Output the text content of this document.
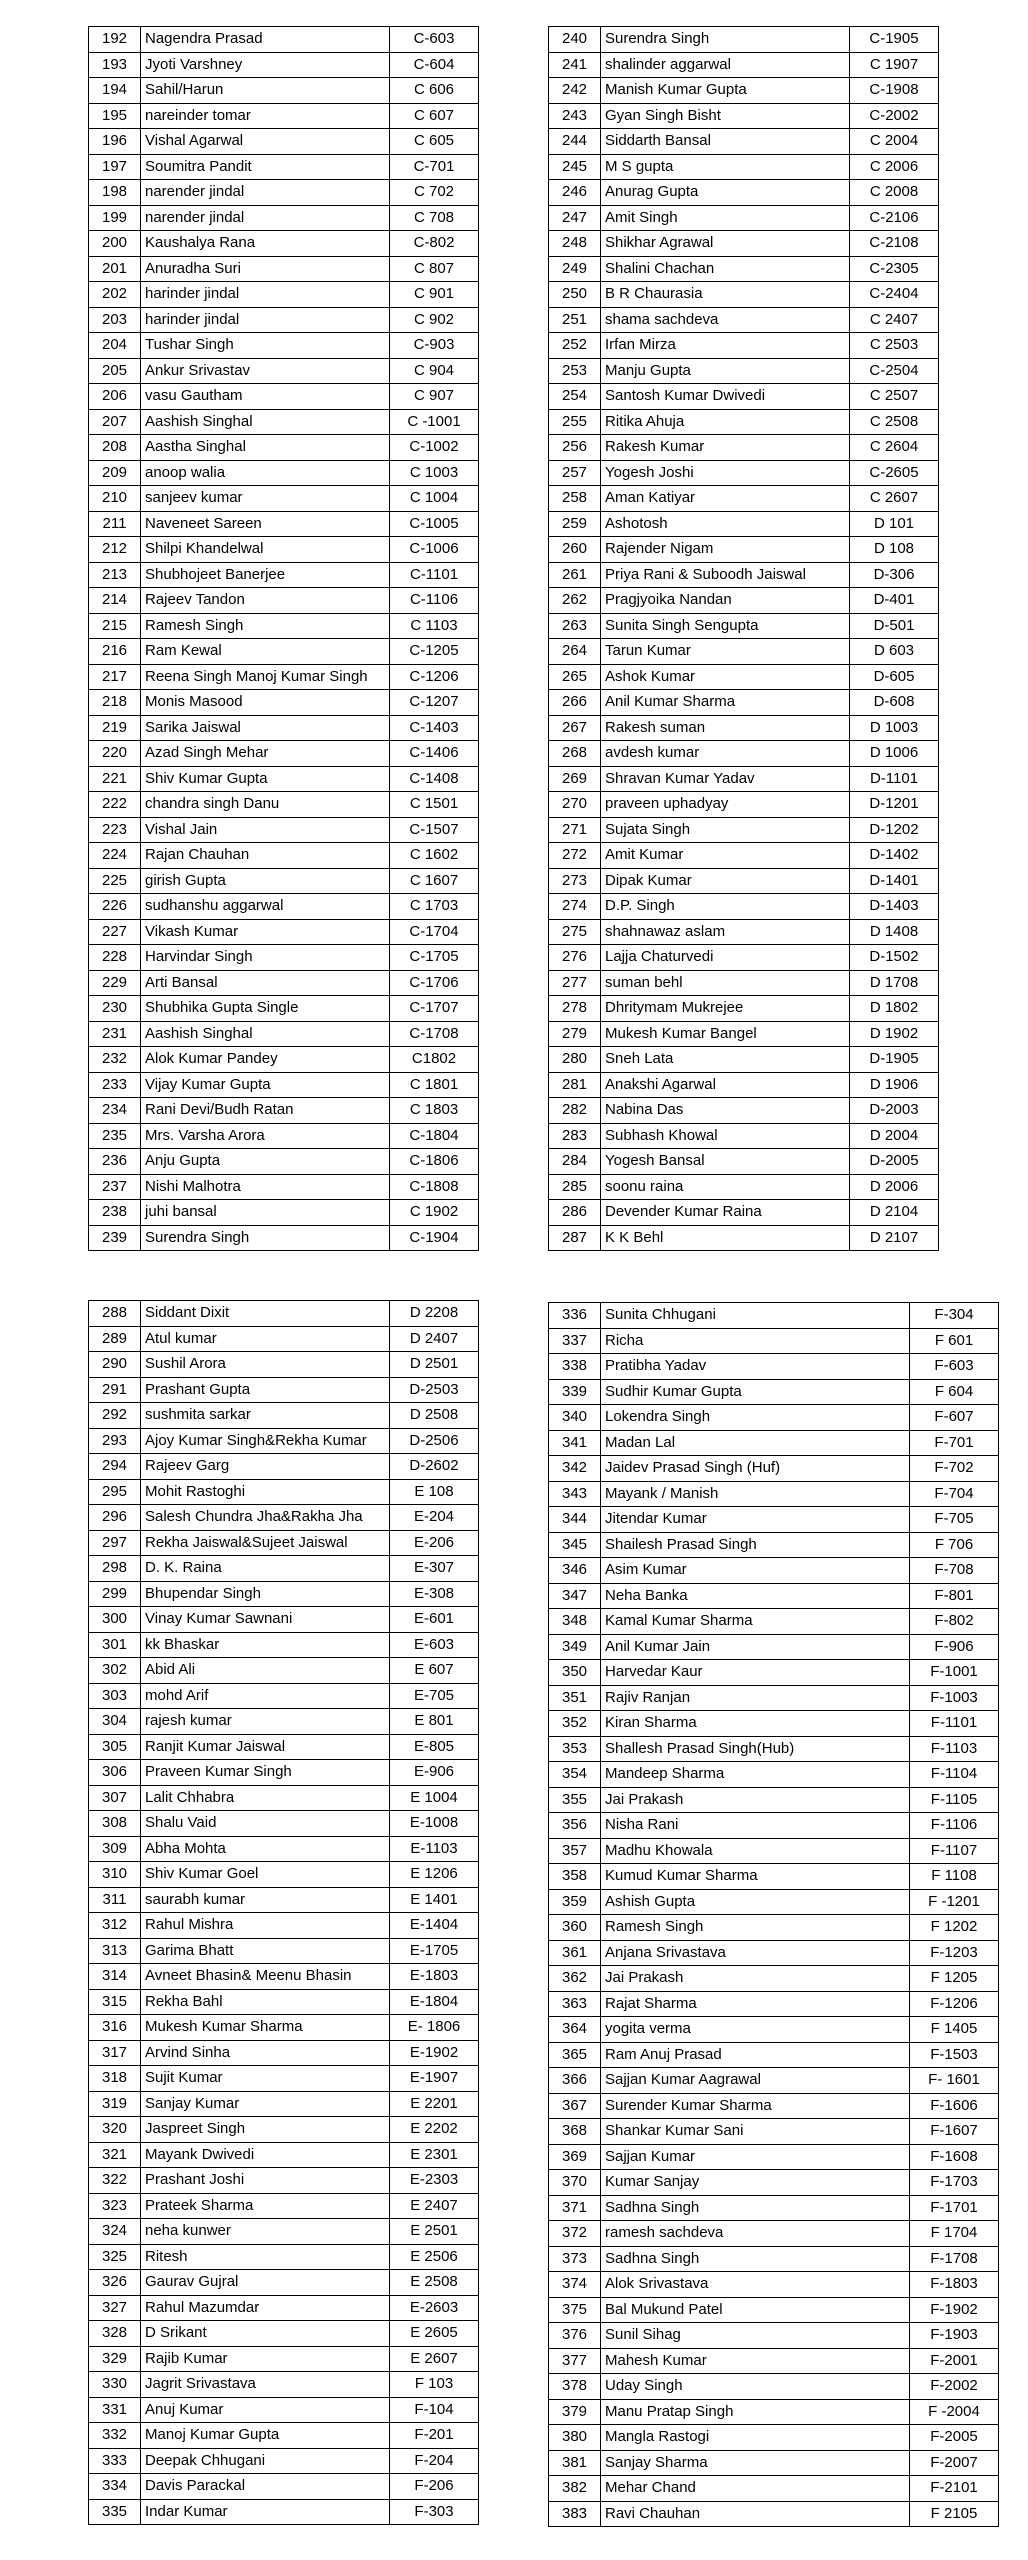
192	Nagendra Prasad	C-603
193	Jyoti Varshney	C-604
194	Sahil/Harun	C 606
195	nareinder tomar	C 607
196	Vishal Agarwal	C 605
197	Soumitra Pandit	C-701
198	narender jindal	C 702
199	narender jindal	C 708
200	Kaushalya Rana	C-802
201	Anuradha Suri	C 807
202	harinder jindal	C 901
203	harinder jindal	C 902
204	Tushar Singh	C-903
205	Ankur Srivastav	C 904
206	vasu Gautham	C 907
207	Aashish Singhal	C -1001
208	Aastha Singhal	C-1002
209	anoop walia	C 1003
210	sanjeev kumar	C 1004
211	Naveneet Sareen	C-1005
212	Shilpi Khandelwal	C-1006
213	Shubhojeet Banerjee	C-1101
214	Rajeev Tandon	C-1106
215	Ramesh Singh	C 1103
216	Ram Kewal	C-1205
217	Reena Singh Manoj Kumar Singh	C-1206
218	Monis Masood	C-1207
219	Sarika Jaiswal	C-1403
220	Azad Singh Mehar	C-1406
221	Shiv Kumar Gupta	C-1408
222	chandra singh Danu	C 1501
223	Vishal Jain	C-1507
224	Rajan Chauhan	C 1602
225	girish Gupta	C 1607
226	sudhanshu aggarwal	C 1703
227	Vikash Kumar	C-1704
228	Harvindar Singh	C-1705
229	Arti Bansal	C-1706
230	Shubhika Gupta Single	C-1707
231	Aashish Singhal	C-1708
232	Alok Kumar Pandey	C1802
233	Vijay Kumar Gupta	C 1801
234	Rani Devi/Budh Ratan	C 1803
235	Mrs. Varsha Arora	C-1804
236	Anju Gupta	C-1806
237	Nishi Malhotra	C-1808
238	juhi bansal	C 1902
239	Surendra Singh	C-1904
240	Surendra Singh	C-1905
241	shalinder aggarwal	C 1907
242	Manish Kumar Gupta	C-1908
243	Gyan Singh Bisht	C-2002
244	Siddarth Bansal	C 2004
245	M S gupta	C 2006
246	Anurag Gupta	C 2008
247	Amit Singh	C-2106
248	Shikhar Agrawal	C-2108
249	Shalini Chachan	C-2305
250	B R Chaurasia	C-2404
251	shama sachdeva	C 2407
252	Irfan Mirza	C 2503
253	Manju Gupta	C-2504
254	Santosh Kumar Dwivedi	C 2507
255	Ritika Ahuja	C 2508
256	Rakesh Kumar	C 2604
257	Yogesh Joshi	C-2605
258	Aman Katiyar	C 2607
259	Ashotosh	D 101
260	Rajender Nigam	D 108
261	Priya Rani & Suboodh Jaiswal	D-306
262	Pragjyoika Nandan	D-401
263	Sunita Singh Sengupta	D-501
264	Tarun Kumar	D 603
265	Ashok Kumar	D-605
266	Anil Kumar Sharma	D-608
267	Rakesh suman	D 1003
268	avdesh kumar	D 1006
269	Shravan Kumar Yadav	D-1101
270	praveen uphadyay	D-1201
271	Sujata Singh	D-1202
272	Amit Kumar	D-1402
273	Dipak Kumar	D-1401
274	D.P. Singh	D-1403
275	shahnawaz aslam	D 1408
276	Lajja Chaturvedi	D-1502
277	suman behl	D 1708
278	Dhritymam Mukrejee	D 1802
279	Mukesh Kumar Bangel	D 1902
280	Sneh Lata	D-1905
281	Anakshi Agarwal	D 1906
282	Nabina Das	D-2003
283	Subhash Khowal	D 2004
284	Yogesh Bansal	D-2005
285	soonu raina	D 2006
286	Devender Kumar Raina	D 2104
287	K K Behl	D 2107
288	Siddant Dixit	D 2208
289	Atul kumar	D 2407
290	Sushil Arora	D 2501
291	Prashant Gupta	D-2503
292	sushmita sarkar	D 2508
293	Ajoy Kumar Singh&Rekha Kumar	D-2506
294	Rajeev Garg	D-2602
295	Mohit Rastoghi	E 108
296	Salesh Chundra Jha&Rakha Jha	E-204
297	Rekha Jaiswal&Sujeet Jaiswal	E-206
298	D. K. Raina	E-307
299	Bhupendar Singh	E-308
300	Vinay Kumar Sawnani	E-601
301	kk Bhaskar	E-603
302	Abid Ali	E 607
303	mohd Arif	E-705
304	rajesh kumar	E 801
305	Ranjit Kumar Jaiswal	E-805
306	Praveen Kumar Singh	E-906
307	Lalit Chhabra	E 1004
308	Shalu Vaid	E-1008
309	Abha Mohta	E-1103
310	Shiv Kumar Goel	E 1206
311	saurabh kumar	E 1401
312	Rahul Mishra	E-1404
313	Garima Bhatt	E-1705
314	Avneet Bhasin& Meenu Bhasin	E-1803
315	Rekha Bahl	E-1804
316	Mukesh Kumar Sharma	E- 1806
317	Arvind Sinha	E-1902
318	Sujit Kumar	E-1907
319	Sanjay Kumar	E 2201
320	Jaspreet Singh	E 2202
321	Mayank Dwivedi	E 2301
322	Prashant Joshi	E-2303
323	Prateek Sharma	E 2407
324	neha kunwer	E 2501
325	Ritesh	E 2506
326	Gaurav Gujral	E 2508
327	Rahul Mazumdar	E-2603
328	D Srikant	E 2605
329	Rajib Kumar	E 2607
330	Jagrit Srivastava	F 103
331	Anuj Kumar	F-104
332	Manoj Kumar Gupta	F-201
333	Deepak Chhugani	F-204
334	Davis Parackal	F-206
335	Indar Kumar	F-303
336	Sunita Chhugani	F-304
337	Richa	F 601
338	Pratibha Yadav	F-603
339	Sudhir Kumar Gupta	F 604
340	Lokendra Singh	F-607
341	Madan Lal	F-701
342	Jaidev Prasad Singh (Huf)	F-702
343	Mayank / Manish	F-704
344	Jitendar Kumar	F-705
345	Shailesh Prasad Singh	F 706
346	Asim Kumar	F-708
347	Neha Banka	F-801
348	Kamal Kumar Sharma	F-802
349	Anil Kumar Jain	F-906
350	Harvedar Kaur	F-1001
351	Rajiv Ranjan	F-1003
352	Kiran Sharma	F-1101
353	Shallesh Prasad Singh(Hub)	F-1103
354	Mandeep Sharma	F-1104
355	Jai Prakash	F-1105
356	Nisha Rani	F-1106
357	Madhu Khowala	F-1107
358	Kumud Kumar Sharma	F 1108
359	Ashish Gupta	F -1201
360	Ramesh Singh	F 1202
361	Anjana Srivastava	F-1203
362	Jai Prakash	F 1205
363	Rajat Sharma	F-1206
364	yogita verma	F 1405
365	Ram Anuj Prasad	F-1503
366	Sajjan Kumar Aagrawal	F- 1601
367	Surender Kumar Sharma	F-1606
368	Shankar Kumar Sani	F-1607
369	Sajjan Kumar	F-1608
370	Kumar Sanjay	F-1703
371	Sadhna Singh	F-1701
372	ramesh sachdeva	F 1704
373	Sadhna Singh	F-1708
374	Alok Srivastava	F-1803
375	Bal Mukund Patel	F-1902
376	Sunil Sihag	F-1903
377	Mahesh Kumar	F-2001
378	Uday Singh	F-2002
379	Manu Pratap Singh	F -2004
380	Mangla Rastogi	F-2005
381	Sanjay Sharma	F-2007
382	Mehar Chand	F-2101
383	Ravi Chauhan	F 2105
